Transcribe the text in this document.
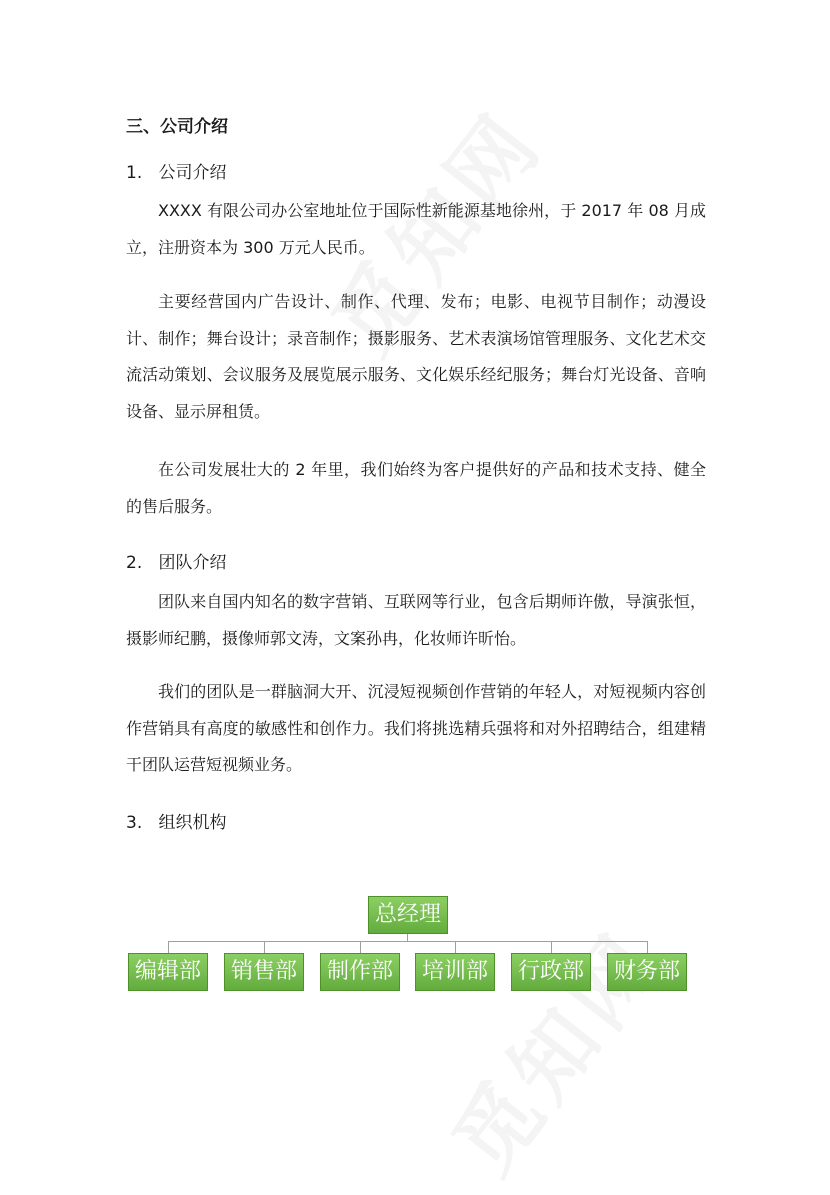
三、公司介绍
1. 公司介绍
XXXX 有限公司办公室地址位于国际性新能源基地徐州，于 2017 年 08 月成立，注册资本为 300 万元人民币。
主要经营国内广告设计、制作、代理、发布；电影、电视节目制作；动漫设计、制作；舞台设计；录音制作；摄影服务、艺术表演场馆管理服务、文化艺术交流活动策划、会议服务及展览展示服务、文化娱乐经纪服务；舞台灯光设备、音响设备、显示屏租赁。
在公司发展壮大的 2 年里，我们始终为客户提供好的产品和技术支持、健全的售后服务。
2. 团队介绍
团队来自国内知名的数字营销、互联网等行业，包含后期师许傲，导演张恒，摄影师纪鹏，摄像师郭文涛，文案孙冉，化妆师许昕怡。
我们的团队是一群脑洞大开、沉浸短视频创作营销的年轻人，对短视频内容创作营销具有高度的敏感性和创作力。我们将挑选精兵强将和对外招聘结合，组建精干团队运营短视频业务。
3. 组织机构
总经理
编辑部	销售部	制作部	培训部	行政部	财务部
